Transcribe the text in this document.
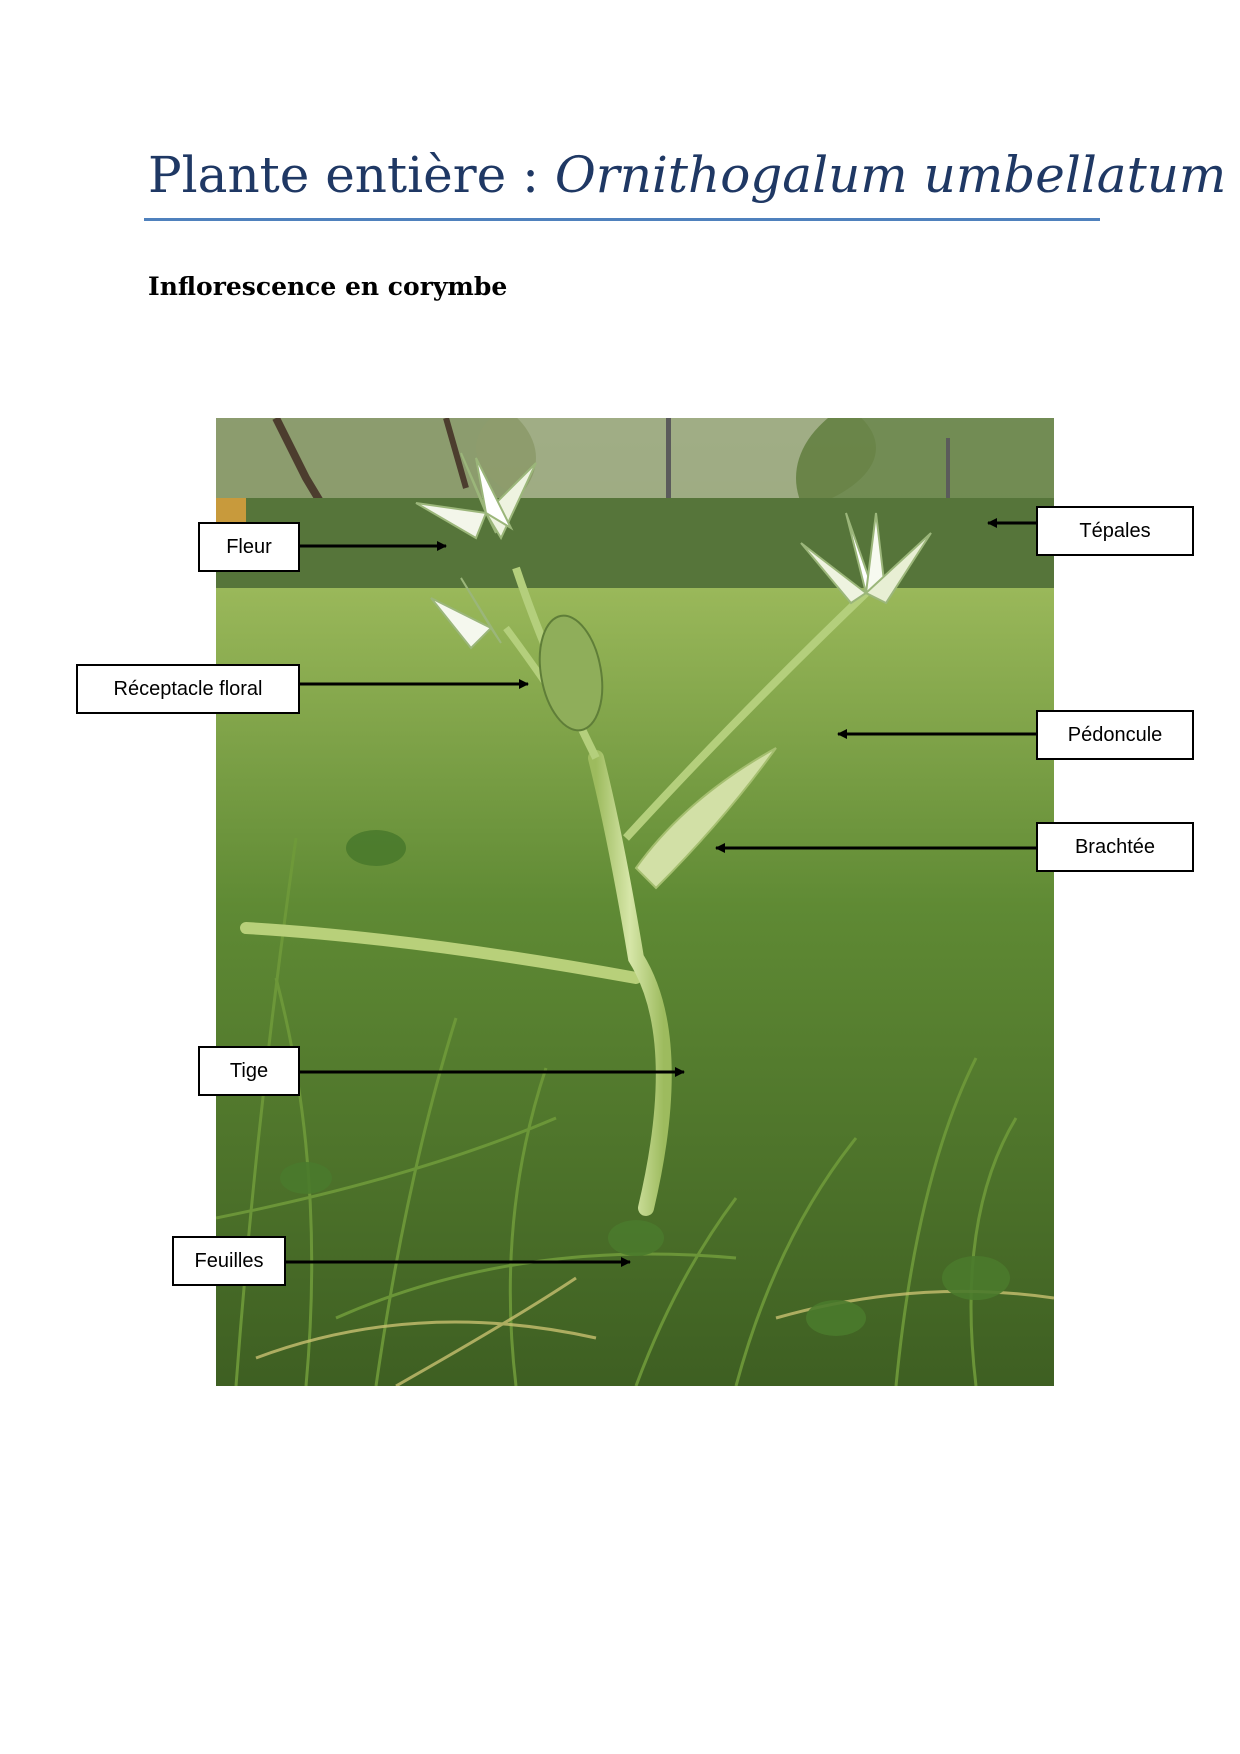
Plante entière : Ornithogalum umbellatum
Inflorescence en corymbe
Fleur
Réceptacle floral
Tige
Feuilles
Tépales
Pédoncule
Brachtée
